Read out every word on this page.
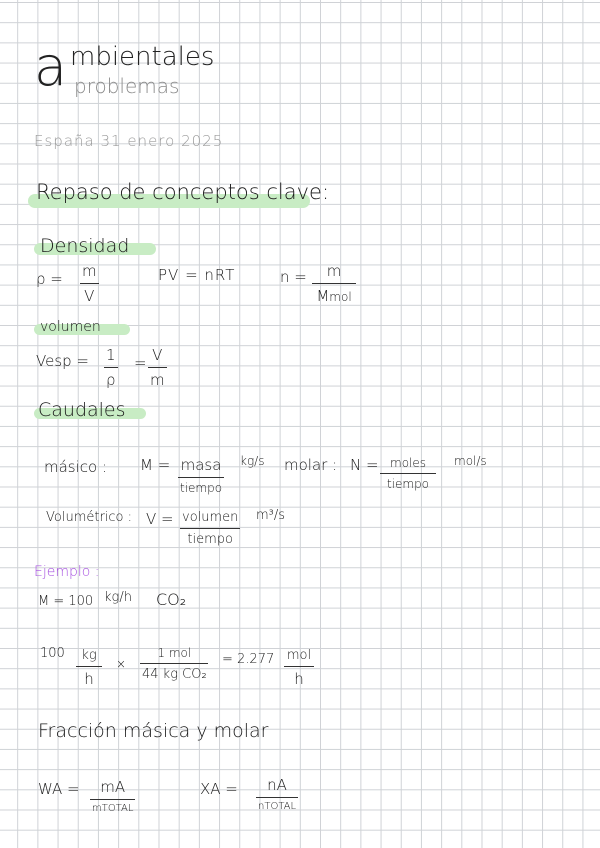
a mbientales
problemas
España 31 enero 2025
Repaso de conceptos clave:
Densidad
ρ = m
V
PV = nRT	n = m
Mmol
volumen
Vesp = 1
ρ
= V
m
Caudales
másico : M = masa
tiempo
kg/s molar : N = moles
tiempo
mol/s
Volumétrico : V = volumen
tiempo
m³/s
Ejemplo :
M = 100 kg/h CO₂
100 kg
h
×
1 mol
44 kg CO₂
= 2.277 mol
h
Fracción másica y molar
WA = mA
mTOTAL
XA = nA
nTOTAL
